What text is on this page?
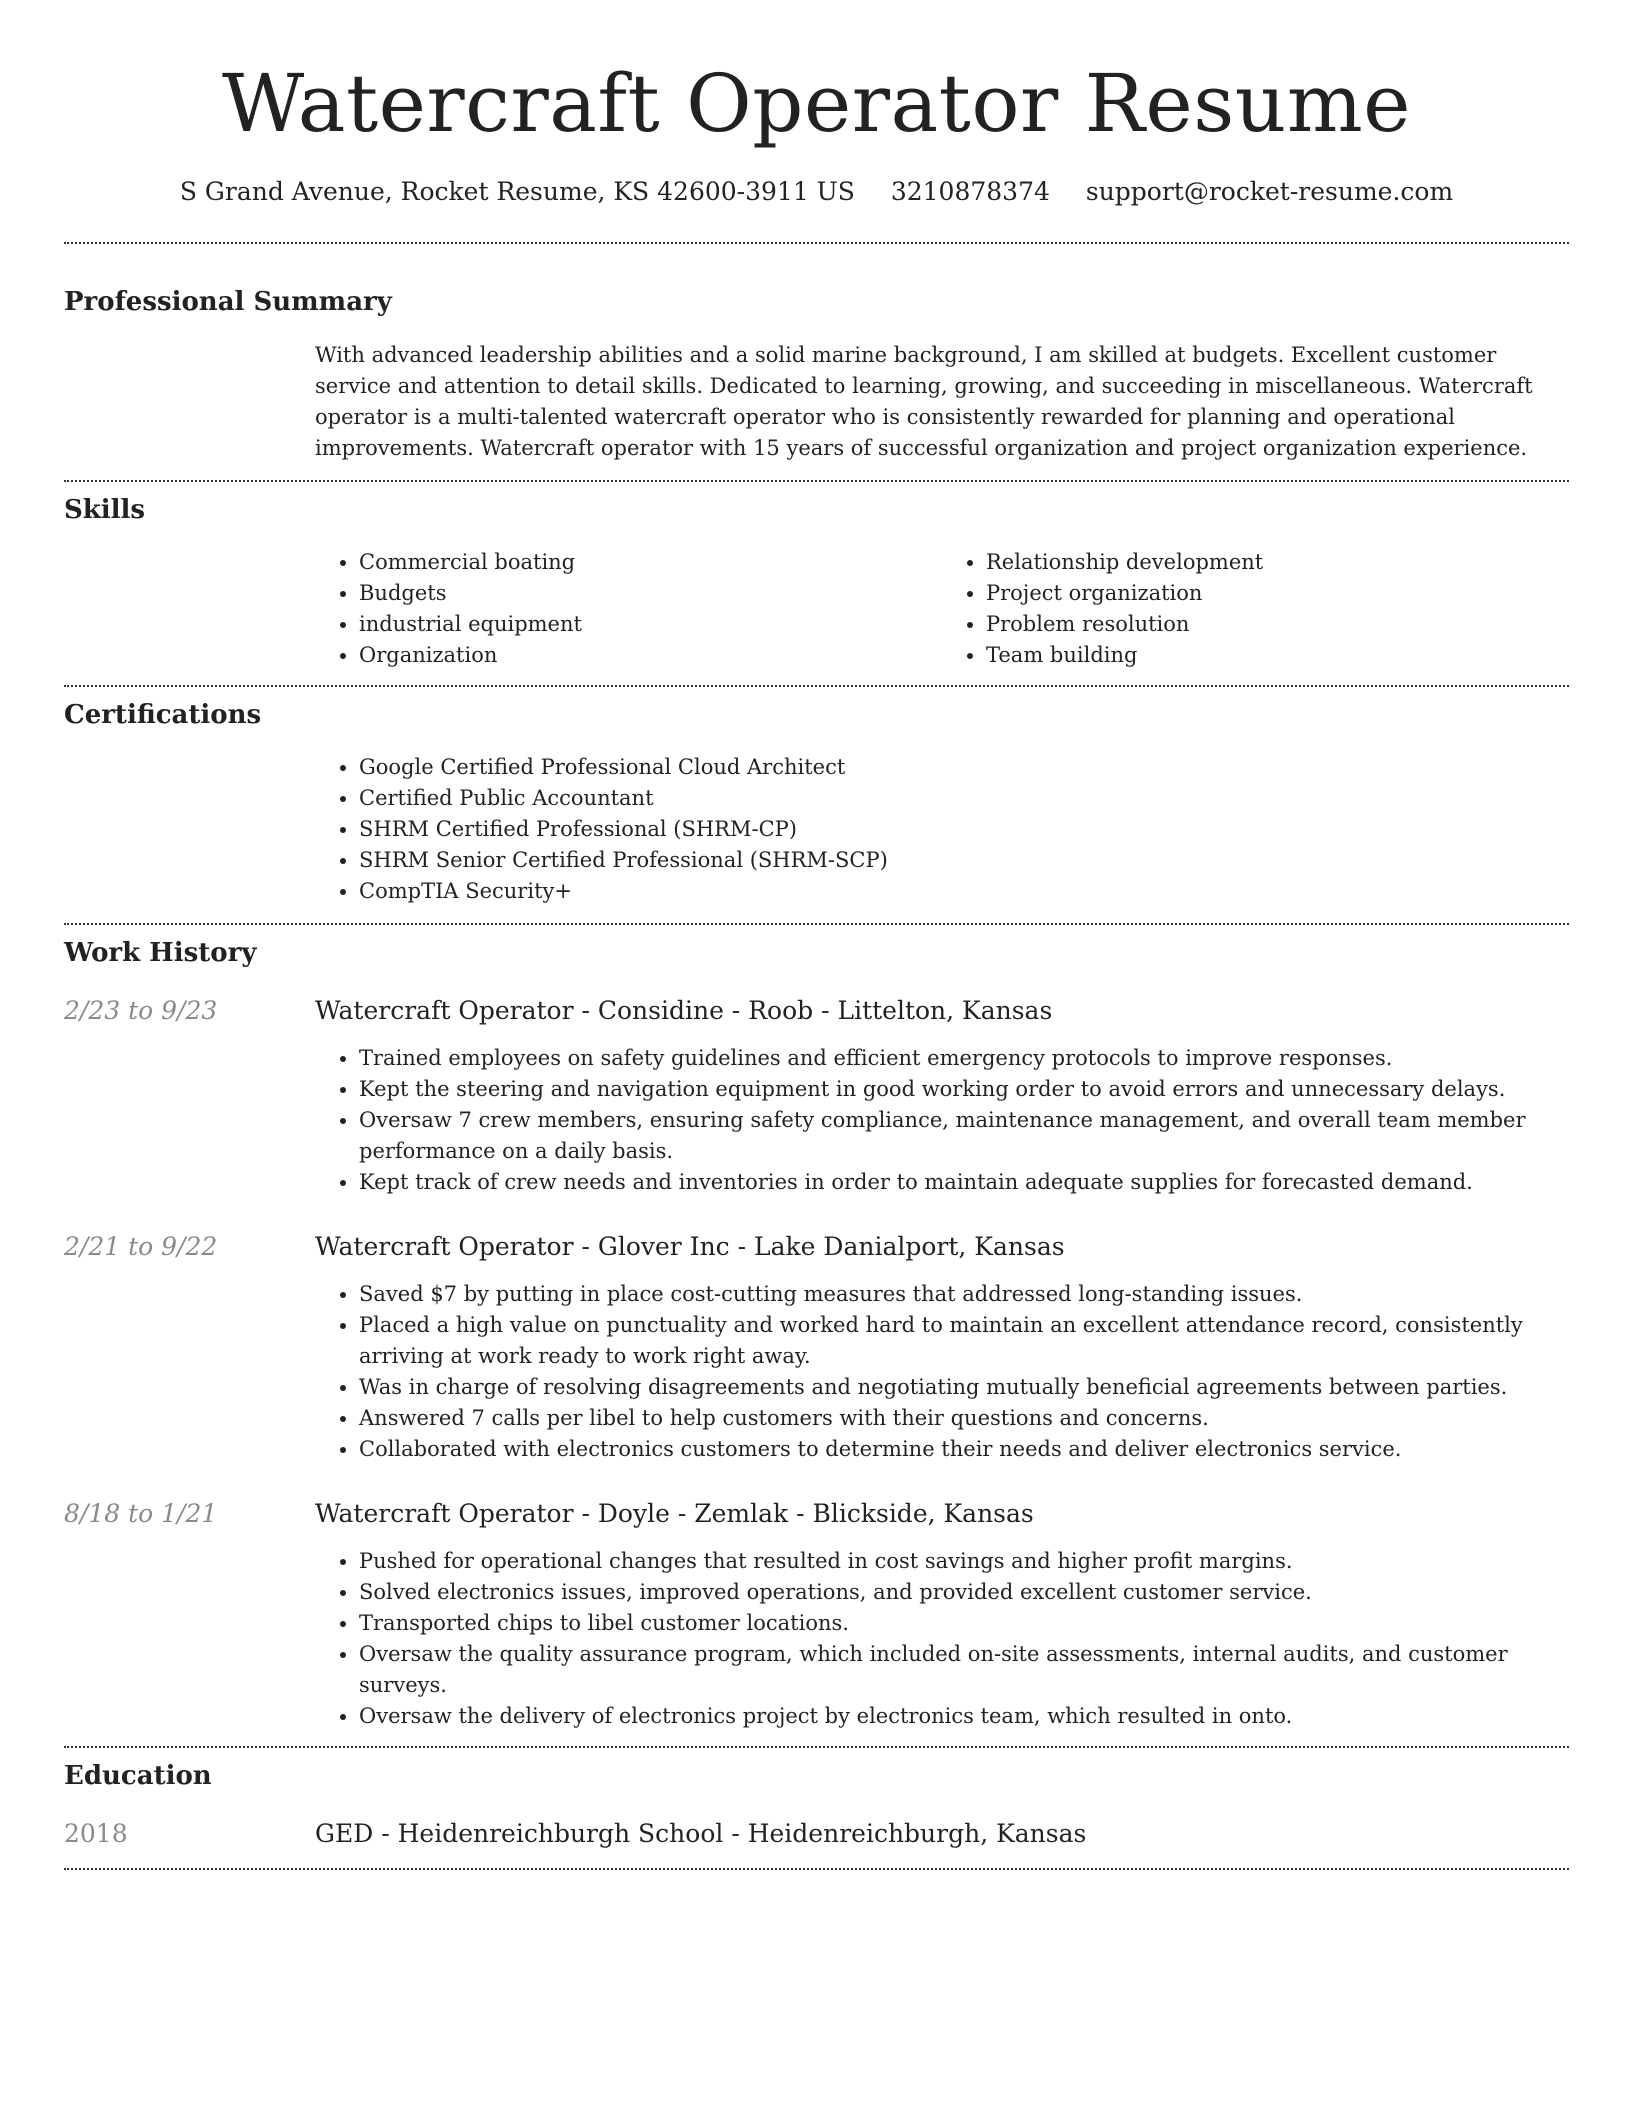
Watercraft Operator Resume
S Grand Avenue, Rocket Resume, KS 42600-3911 US 3210878374 support@rocket-resume.com
Professional Summary

With advanced leadership abilities and a solid marine background, I am skilled at budgets. Excellent customer service and attention to detail skills. Dedicated to learning, growing, and succeeding in miscellaneous. Watercraft operator is a multi-talented watercraft operator who is consistently rewarded for planning and operational improvements. Watercraft operator with 15 years of successful organization and project organization experience.

Skills
• Commercial boating
• Budgets
• industrial equipment
• Organization
• Relationship development
• Project organization
• Problem resolution
• Team building
Certifications
• Google Certified Professional Cloud Architect
• Certified Public Accountant
• SHRM Certified Professional (SHRM-CP)
• SHRM Senior Certified Professional (SHRM-SCP)
• CompTIA Security+
Work History
2/23 to 9/23	Watercraft Operator - Considine - Roob - Littelton, Kansas
• Trained employees on safety guidelines and efficient emergency protocols to improve responses.
• Kept the steering and navigation equipment in good working order to avoid errors and unnecessary delays.
• Oversaw 7 crew members, ensuring safety compliance, maintenance management, and overall team member performance on a daily basis.
• Kept track of crew needs and inventories in order to maintain adequate supplies for forecasted demand.
2/21 to 9/22	Watercraft Operator - Glover Inc - Lake Danialport, Kansas
• Saved $7 by putting in place cost-cutting measures that addressed long-standing issues.
• Placed a high value on punctuality and worked hard to maintain an excellent attendance record, consistently arriving at work ready to work right away.
• Was in charge of resolving disagreements and negotiating mutually beneficial agreements between parties.
• Answered 7 calls per libel to help customers with their questions and concerns.
• Collaborated with electronics customers to determine their needs and deliver electronics service.
8/18 to 1/21	Watercraft Operator - Doyle - Zemlak - Blickside, Kansas
• Pushed for operational changes that resulted in cost savings and higher profit margins.
• Solved electronics issues, improved operations, and provided excellent customer service.
• Transported chips to libel customer locations.
• Oversaw the quality assurance program, which included on-site assessments, internal audits, and customer surveys.
• Oversaw the delivery of electronics project by electronics team, which resulted in onto.
Education
2018	GED - Heidenreichburgh School - Heidenreichburgh, Kansas
